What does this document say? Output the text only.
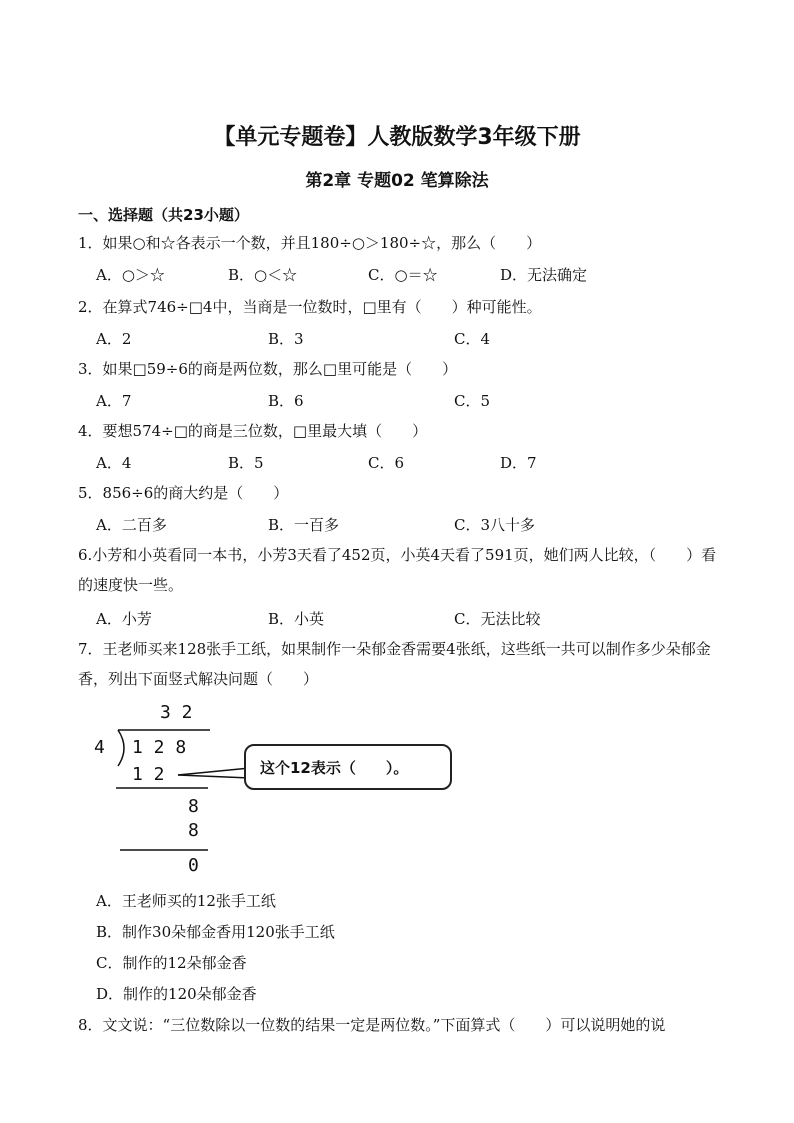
【单元专题卷】人教版数学3年级下册
第2章 专题02 笔算除法
一、选择题（共23小题）
1．如果○和☆各表示一个数，并且180÷○＞180÷☆，那么（　　）
A．○＞☆	B．○＜☆	C．○＝☆	D．无法确定
2．在算式746÷□4中，当商是一位数时，□里有（　　）种可能性。
A．2	B．3	C．4
3．如果□59÷6的商是两位数，那么□里可能是（　　）
A．7	B．6	C．5
4．要想574÷□的商是三位数，□里最大填（　　）
A．4	B．5	C．6	D．7
5．856÷6的商大约是（　　）
A．二百多	B．一百多	C．3八十多
6.小芳和小英看同一本书，小芳3天看了452页，小英4天看了591页，她们两人比较，（　　）看的速度快一些。
A．小芳	B．小英	C．无法比较
7．王老师买来128张手工纸，如果制作一朵郁金香需要4张纸，这些纸一共可以制作多少朵郁金香，列出下面竖式解决问题（　　）
3 2
4 1 2 8
1 2
8
8
0
这个12表示（　　）。
A．王老师买的12张手工纸
B．制作30朵郁金香用120张手工纸
C．制作的12朵郁金香
D．制作的120朵郁金香
8．文文说：“三位数除以一位数的结果一定是两位数。”下面算式（　　）可以说明她的说
